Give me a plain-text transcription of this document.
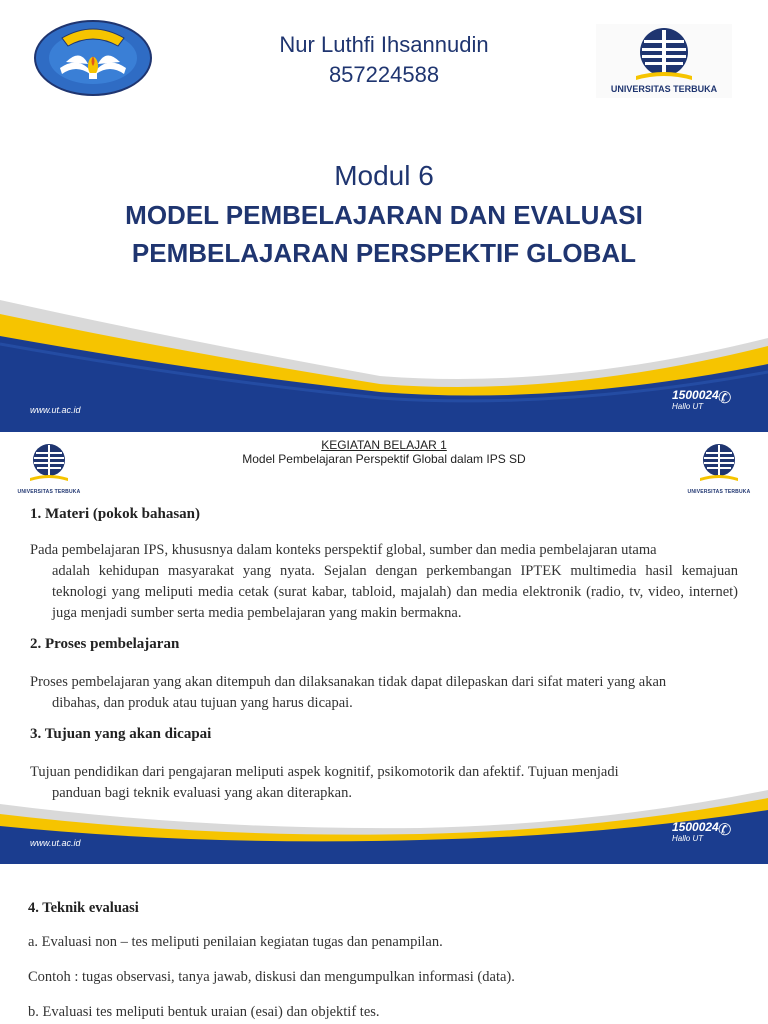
Nur Luthfi Ihsannudin
857224588
UNIVERSITAS TERBUKA
Modul 6
MODEL PEMBELAJARAN DAN EVALUASI
PEMBELAJARAN PERSPEKTIF GLOBAL
www.ut.ac.id
1500024
Hallo UT ✆
UNIVERSITAS TERBUKA
KEGIATAN BELAJAR 1
Model Pembelajaran Perspektif Global dalam IPS SD
UNIVERSITAS TERBUKA
1. Materi (pokok bahasan)
Pada pembelajaran IPS, khususnya dalam konteks perspektif global, sumber dan media pembelajaran utama
adalah kehidupan masyarakat yang nyata. Sejalan dengan perkembangan IPTEK multimedia hasil kemajuan teknologi yang meliputi media cetak (surat kabar, tabloid, majalah) dan media elektronik (radio, tv, video, internet) juga menjadi sumber serta media pembelajaran yang makin bermakna.
2. Proses pembelajaran
Proses pembelajaran yang akan ditempuh dan dilaksanakan tidak dapat dilepaskan dari sifat materi yang akan
dibahas, dan produk atau tujuan yang harus dicapai.
3. Tujuan yang akan dicapai
Tujuan pendidikan dari pengajaran meliputi aspek kognitif, psikomotorik dan afektif. Tujuan menjadi
panduan bagi teknik evaluasi yang akan diterapkan.
www.ut.ac.id
1500024
Hallo UT ✆
4. Teknik evaluasi
a. Evaluasi non – tes meliputi penilaian kegiatan tugas dan penampilan.
Contoh : tugas observasi, tanya jawab, diskusi dan mengumpulkan informasi (data).
b. Evaluasi tes meliputi bentuk uraian (esai) dan objektif tes.
